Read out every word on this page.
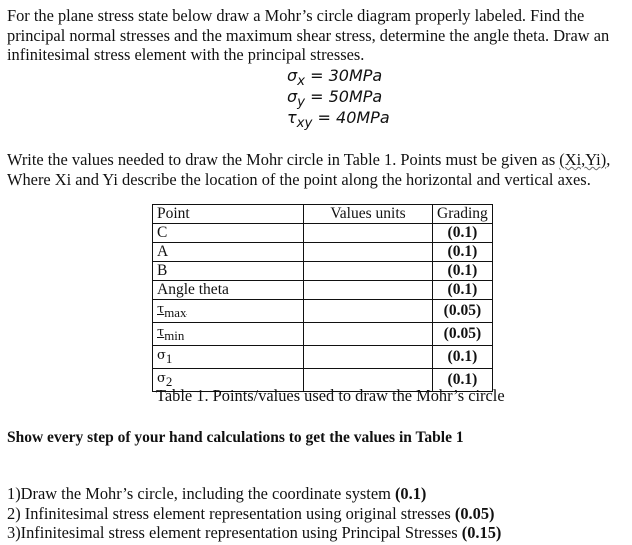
For the plane stress state below draw a Mohr’s circle diagram properly labeled. Find the principal normal stresses and the maximum shear stress, determine the angle theta. Draw an infinitesimal stress element with the principal stresses.

$\sigma_x = 30MPa$
$\sigma_y = 50MPa$
$\tau_{xy} = 40MPa$

Write the values needed to draw the Mohr circle in Table 1. Points must be given as (Xi,Yi),
Where Xi and Yi describe the location of the point along the horizontal and vertical axes.

Point	Values units	Grading
C		(0.1)
A		(0.1)
B		(0.1)
Angle theta		(0.1)
$\tau_{max}$		(0.05)
$\tau_{min}$		(0.05)
$\sigma_1$		(0.1)
$\sigma_2$		(0.1)

Table 1. Points/values used to draw the Mohr’s circle

Show every step of your hand calculations to get the values in Table 1

1)Draw the Mohr’s circle, including the coordinate system (0.1)
2) Infinitesimal stress element representation using original stresses (0.05)
3)Infinitesimal stress element representation using Principal Stresses (0.15)
